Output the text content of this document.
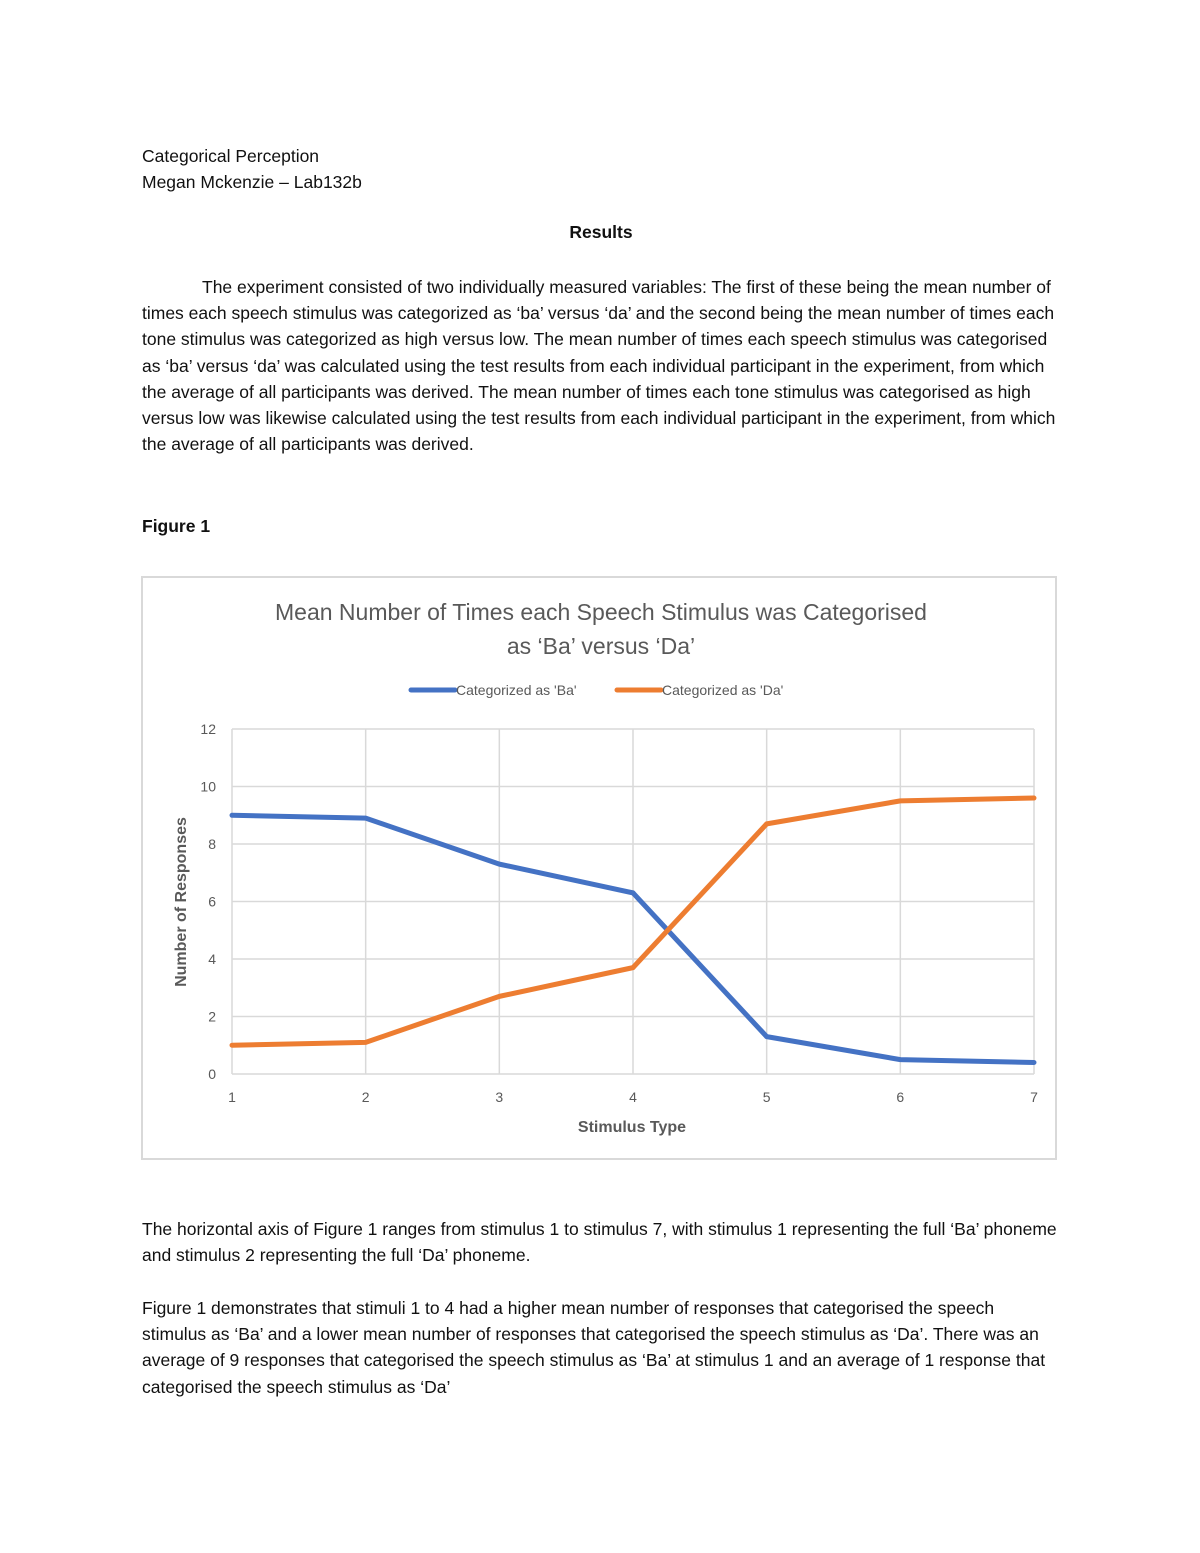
Categorical Perception
Megan Mckenzie – Lab132b
Results

The experiment consisted of two individually measured variables: The first of these being the mean number of times each speech stimulus was categorized as ‘ba’ versus ‘da’ and the second being the mean number of times each tone stimulus was categorized as high versus low. The mean number of times each speech stimulus was categorised as ‘ba’ versus ‘da’ was calculated using the test results from each individual participant in the experiment, from which the average of all participants was derived. The mean number of times each tone stimulus was categorised as high versus low was likewise calculated using the test results from each individual participant in the experiment, from which the average of all participants was derived.

Figure 1
Mean Number of Times each Speech Stimulus was Categorised
as ‘Ba’ versus ‘Da’
Categorized as 'Ba'	Categorized as 'Da'
0
2
4
6
8
10
12
1	2	3	4	5	6	7
Stimulus Type
Number of Responses

The horizontal axis of Figure 1 ranges from stimulus 1 to stimulus 7, with stimulus 1 representing the full ‘Ba’ phoneme and stimulus 2 representing the full ‘Da’ phoneme.

Figure 1 demonstrates that stimuli 1 to 4 had a higher mean number of responses that categorised the speech stimulus as ‘Ba’ and a lower mean number of responses that categorised the speech stimulus as ‘Da’. There was an average of 9 responses that categorised the speech stimulus as ‘Ba’ at stimulus 1 and an average of 1 response that categorised the speech stimulus as ‘Da’
